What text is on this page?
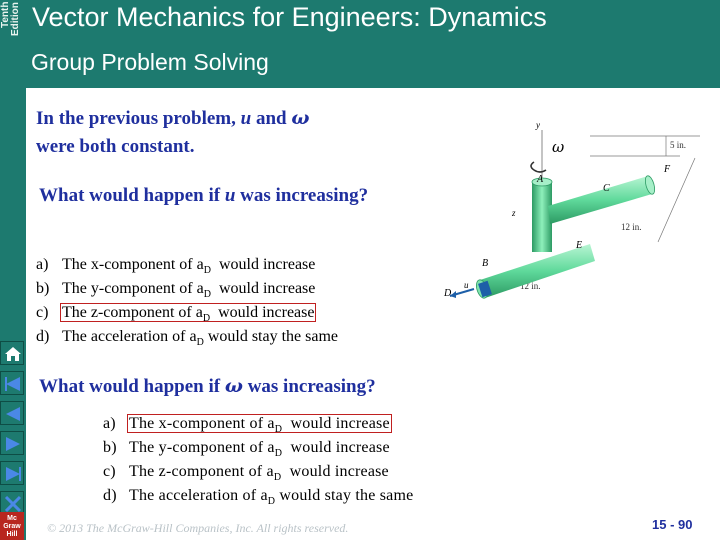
Tenth Edition Vector Mechanics for Engineers: Dynamics
Group Problem Solving
Mc Graw Hill
In the previous problem, u and ω
were both constant.
What would happen if u was increasing?
a) The x-component of $a_D$  would increase
b) The y-component of $a_D$  would increase
c) The z-component of $a_D$  would increase
d) The acceleration of $a_D$ would stay the same
What would happen if ω was increasing?
a) The x-component of $a_D$  would increase
b) The y-component of $a_D$  would increase
c) The z-component of $a_D$  would increase
d) The acceleration of $a_D$ would stay the same
ω	5 in.
12 in.
12 in.
A
B
C
D
E
F
y
z
u
© 2013 The McGraw-Hill Companies, Inc. All rights reserved.	15 - 90
